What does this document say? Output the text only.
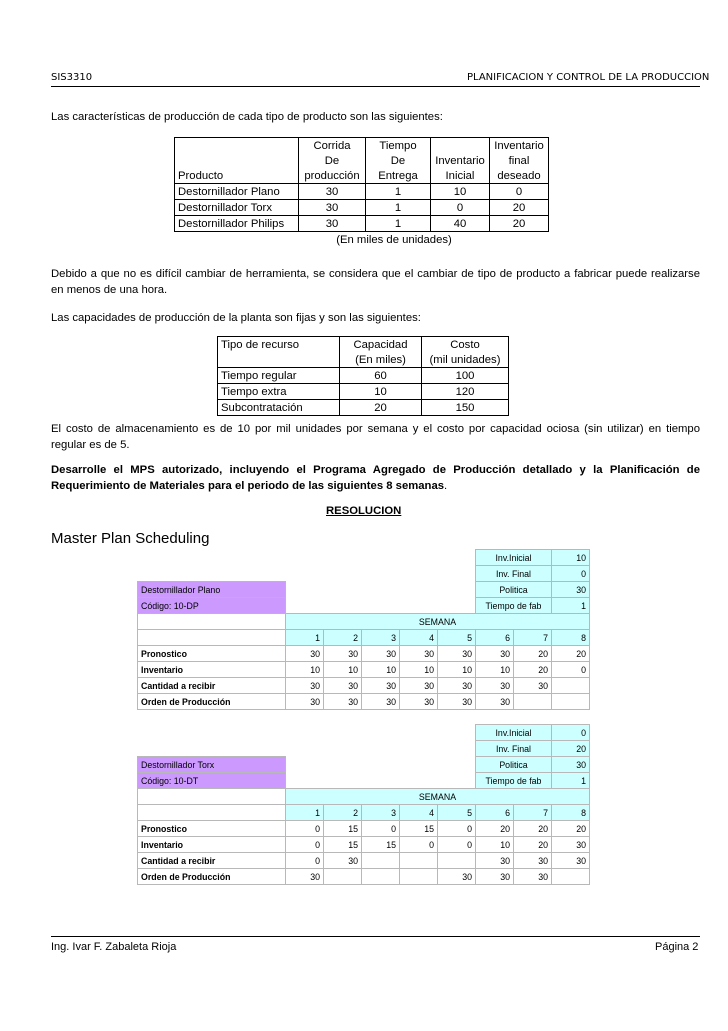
SIS3310	PLANIFICACION Y CONTROL DE LA PRODUCCION
Las características de producción de cada tipo de producto son las siguientes:
	Corrida	Tiempo		Inventario
	De	De	Inventario	final
Producto	producción	Entrega	Inicial	deseado
Destornillador Plano	30	1	10	0
Destornillador Torx	30	1	0	20
Destornillador Philips	30	1	40	20
	(En miles de unidades)			
Debido a que no es difícil cambiar de herramienta, se considera que el cambiar de tipo de producto a fabricar puede realizarse en menos de una hora.
Las capacidades de producción de la planta son fijas y son las siguientes:
Tipo de recurso	Capacidad	Costo
	(En miles)	(mil unidades)
Tiempo regular	60	100
Tiempo extra	10	120
Subcontratación	20	150
El costo de almacenamiento es de 10 por mil unidades por semana y el costo por capacidad ociosa (sin utilizar) en tiempo regular es de 5.
Desarrolle el MPS autorizado, incluyendo el Programa Agregado de Producción detallado y la Planificación de Requerimiento de Materiales para el periodo de las siguientes 8 semanas.
RESOLUCION
Master Plan Scheduling
						Inv.Inicial		10
						Inv. Final		0
Destornillador Plano						Politica		30
Código: 10-DP						Tiempo de fab		1
	SEMANA							
	1	2	3	4	5	6	7	8
Pronostico	30	30	30	30	30	30	20	20
Inventario	10	10	10	10	10	10	20	0
Cantidad a recibir	30	30	30	30	30	30	30	
Orden de Producción	30	30	30	30	30	30		
						Inv.Inicial		0
						Inv. Final		20
Destornillador Torx						Politica		30
Código: 10-DT						Tiempo de fab		1
	SEMANA							
	1	2	3	4	5	6	7	8
Pronostico	0	15	0	15	0	20	20	20
Inventario	0	15	15	0	0	10	20	30
Cantidad a recibir	0	30				30	30	30
Orden de Producción	30				30	30	30	
Ing. Ivar F. Zabaleta Rioja	Página 2
